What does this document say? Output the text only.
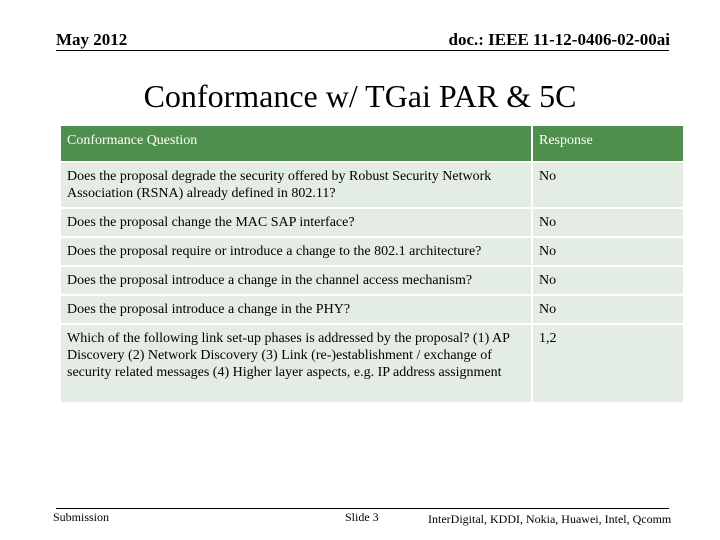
May 2012	doc.: IEEE 11-12-0406-02-00ai
Conformance w/ TGai PAR & 5C
Conformance Question	Response
Does the proposal degrade the security offered by Robust Security Network Association (RSNA) already defined in 802.11?	No
Does the proposal change the MAC SAP interface?	No
Does the proposal require or introduce a change to the 802.1 architecture?	No
Does the proposal introduce a change in the channel access mechanism?	No
Does the proposal introduce a change in the PHY?	No
Which of the following link set-up phases is addressed by the proposal? (1) AP Discovery (2) Network Discovery (3) Link (re-)establishment / exchange of security related messages (4) Higher layer aspects, e.g. IP address assignment	1,2
Submission	Slide 3	InterDigital, KDDI, Nokia, Huawei, Intel, Qcomm
